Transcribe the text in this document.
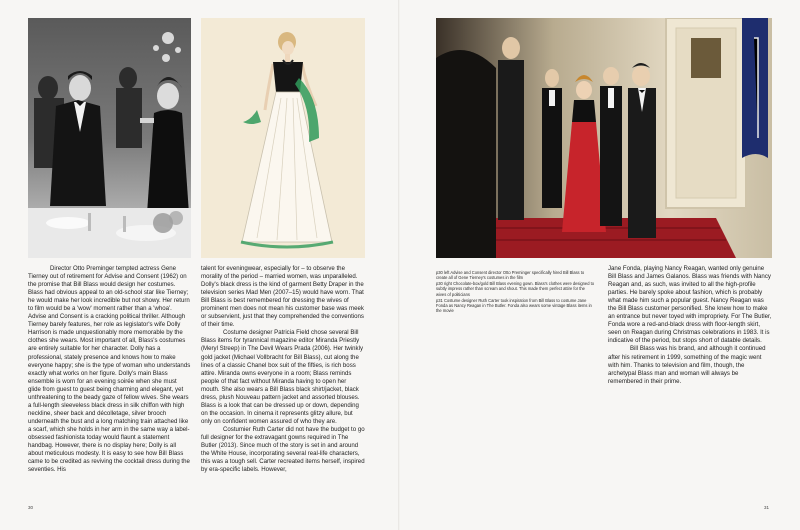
Director Otto Preminger tempted actress Gene Tierney out of retirement for Advise and Consent (1962) on the promise that Bill Blass would design her costumes. Blass had obvious appeal to an old-school star like Tierney; he would make her look incredible but not showy. Her return to film would be a 'wow' moment rather than a 'whoa'. Advise and Consent is a cracking political thriller. Although Tierney barely features, her role as legislator's wife Dolly Harrison is made unquestionably more memorable by the clothes she wears. Most important of all, Blass's costumes are entirely suitable for her character. Dolly has a professional, stately presence and knows how to make everyone happy; she is the type of woman who understands exactly what works on her figure. Dolly's main Blass ensemble is worn for an evening soirée when she must glide from guest to guest being charming and elegant, yet unthreatening to the beady gaze of fellow wives. She wears a full-length sleeveless black dress in silk chiffon with high neckline, sheer back and décolletage, silver brooch underneath the bust and a long matching train attached like a scarf, which she holds in her arm in the same way a label-obsessed fashionista today would flaunt a statement handbag. However, there is no display here; Dolly is all about meticulous modesty. It is easy to see how Bill Blass came to be credited as reviving the cocktail dress during the seventies. His

talent for eveningwear, especially for – to observe the morality of the period – married women, was unparalleled. Dolly's black dress is the kind of garment Betty Draper in the television series Mad Men (2007–15) would have worn. That Bill Blass is best remembered for dressing the wives of prominent men does not mean his customer base was meek or subservient, just that they comprehended the conventions of their time.

Costume designer Patricia Field chose several Bill Blass items for tyrannical magazine editor Miranda Priestly (Meryl Streep) in The Devil Wears Prada (2006). Her twinkly gold jacket (Michael Vollbracht for Bill Blass), cut along the lines of a classic Chanel box suit of the fifties, is rich boss attire. Miranda owns everyone in a room; Blass reminds people of that fact without Miranda having to open her mouth. She also wears a Bill Blass black shirt/jacket, black dress, plush Nouveau pattern jacket and assorted blouses. Blass is a look that can be dressed up or down, depending on the occasion. In cinema it represents glitzy allure, but only on confident women assured of who they are.

Costumier Ruth Carter did not have the budget to go full designer for the extravagant gowns required in The Butler (2013). Since much of the story is set in and around the White House, incorporating several real-life characters, this was a tough sell. Carter recreated items herself, inspired by era-specific labels. However,

30

p30 left Advise and Consent director Otto Preminger specifically hired Bill Blass to create all of Gene Tierney's costumes in the film

p30 right Chocolate-box/gold Bill Blass evening gown. Blass's clothes were designed to subtly impress rather than scream and shout. This made them perfect attire for the wives of politicians

p31 Costume designer Ruth Carter took inspiration from Bill Blass to costume Jane Fonda as Nancy Reagan in The Butler. Fonda also wears some vintage Blass items in the movie

Jane Fonda, playing Nancy Reagan, wanted only genuine Bill Blass and James Galanos. Blass was friends with Nancy Reagan and, as such, was invited to all the high-profile parties. He barely spoke about fashion, which is probably what made him such a popular guest. Nancy Reagan was the Bill Blass customer personified. She knew how to make an entrance but never toyed with impropriety. For The Butler, Fonda wore a red-and-black dress with floor-length skirt, seen on Reagan during Christmas celebrations in 1983. It is indicative of the period, but stops short of datable details.

Bill Blass was his brand, and although it continued after his retirement in 1999, something of the magic went with him. Thanks to television and film, though, the archetypal Blass man and woman will always be remembered in their prime.

31
